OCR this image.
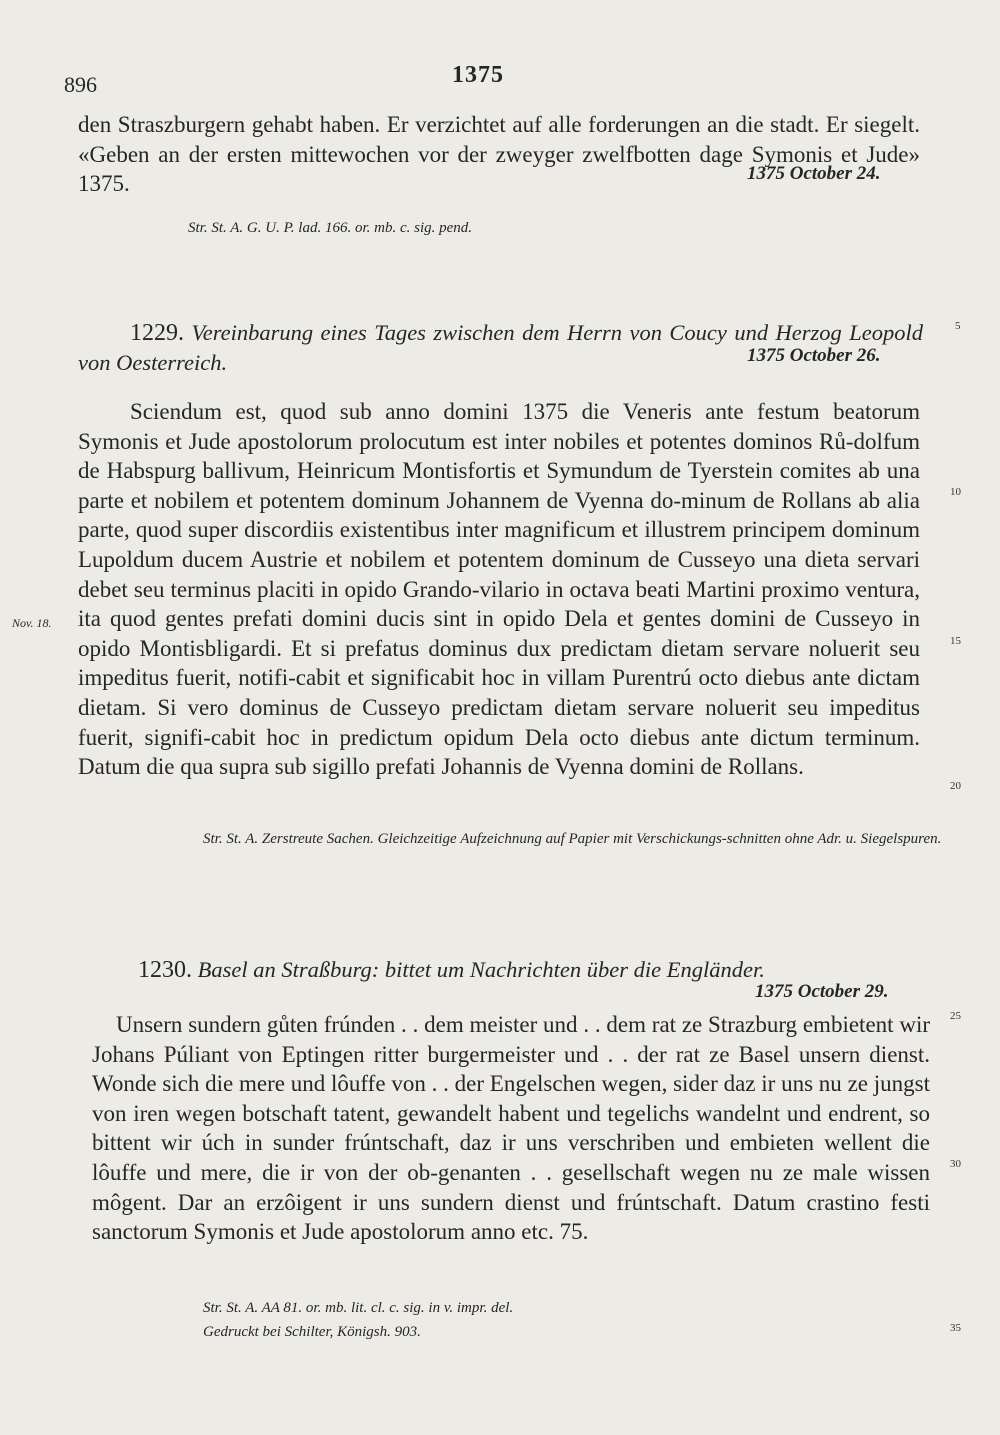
896	1375
den Straszburgern gehabt haben. Er verzichtet auf alle forderungen an die stadt. Er siegelt. «Geben an der ersten mittewochen vor der zweyger zwelfbotten dage Symonis et Jude» 1375.	1375 October 24.
Str. St. A. G. U. P. lad. 166. or. mb. c. sig. pend.
1229. Vereinbarung eines Tages zwischen dem Herrn von Coucy und Herzog Leopold von Oesterreich.	1375 October 26.
Sciendum est, quod sub anno domini 1375 die Veneris ante festum beatorum Symonis et Jude apostolorum prolocutum est inter nobiles et potentes dominos Rů-dolfum de Habspurg ballivum, Heinricum Montisfortis et Symundum de Tyerstein comites ab una parte et nobilem et potentem dominum Johannem de Vyenna do-minum de Rollans ab alia parte, quod super discordiis existentibus inter magnificum et illustrem principem dominum Lupoldum ducem Austrie et nobilem et potentem dominum de Cusseyo una dieta servari debet seu terminus placiti in opido Grando-vilario in octava beati Martini proximo ventura, ita quod gentes prefati domini ducis sint in opido Dela et gentes domini de Cusseyo in opido Montisbligardi. Et si prefatus dominus dux predictam dietam servare noluerit seu impeditus fuerit, notifi-cabit et significabit hoc in villam Purentrú octo diebus ante dictam dietam. Si vero dominus de Cusseyo predictam dietam servare noluerit seu impeditus fuerit, signifi-cabit hoc in predictum opidum Dela octo diebus ante dictum terminum. Datum die qua supra sub sigillo prefati Johannis de Vyenna domini de Rollans.
Nov. 18.
Str. St. A. Zerstreute Sachen. Gleichzeitige Aufzeichnung auf Papier mit Verschickungs-schnitten ohne Adr. u. Siegelspuren.
1230. Basel an Straßburg: bittet um Nachrichten über die Engländer.
1375 October 29.
Unsern sundern gůten frúnden . . dem meister und . . dem rat ze Strazburg embietent wir Johans Púliant von Eptingen ritter burgermeister und . . der rat ze Basel unsern dienst. Wonde sich die mere und lôuffe von . . der Engelschen wegen, sider daz ir uns nu ze jungst von iren wegen botschaft tatent, gewandelt habent und tegelichs wandelnt und endrent, so bittent wir úch in sunder frúntschaft, daz ir uns verschriben und embieten wellent die lôuffe und mere, die ir von der ob-genanten . . gesellschaft wegen nu ze male wissen môgent. Dar an erzôigent ir uns sundern dienst und frúntschaft. Datum crastino festi sanctorum Symonis et Jude apostolorum anno etc. 75.
Str. St. A. AA 81. or. mb. lit. cl. c. sig. in v. impr. del.
Gedruckt bei Schilter, Königsh. 903.
5
10
15
20
25
30
35
